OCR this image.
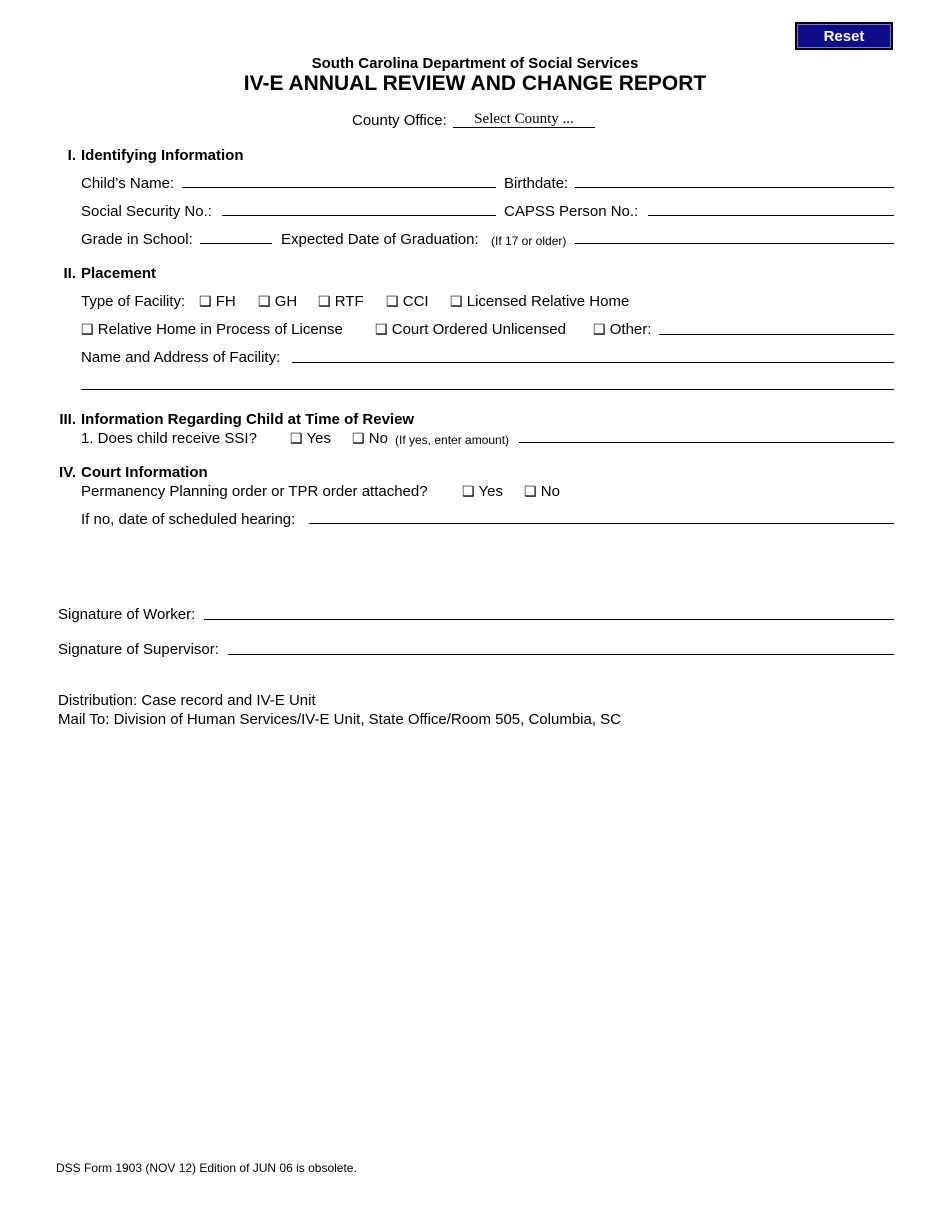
Reset
South Carolina Department of Social Services
IV-E ANNUAL REVIEW AND CHANGE REPORT
County Office:	Select County ...
I. Identifying Information
Child’s Name:	Birthdate:
Social Security No.:	CAPSS Person No.:
Grade in School:	Expected Date of Graduation: (If 17 or older)
II. Placement
Type of Facility: ❑ FH ❑ GH ❑ RTF ❑ CCI ❑ Licensed Relative Home
❑ Relative Home in Process of License ❑ Court Ordered Unlicensed ❑ Other:
Name and Address of Facility:
III. Information Regarding Child at Time of Review
1. Does child receive SSI? ❑ Yes ❑ No (If yes, enter amount)
IV. Court Information
Permanency Planning order or TPR order attached? ❑ Yes ❑ No
If no, date of scheduled hearing:
Signature of Worker:
Signature of Supervisor:
Distribution: Case record and IV-E Unit
Mail To: Division of Human Services/IV-E Unit, State Office/Room 505, Columbia, SC
DSS Form 1903 (NOV 12) Edition of JUN 06 is obsolete.
